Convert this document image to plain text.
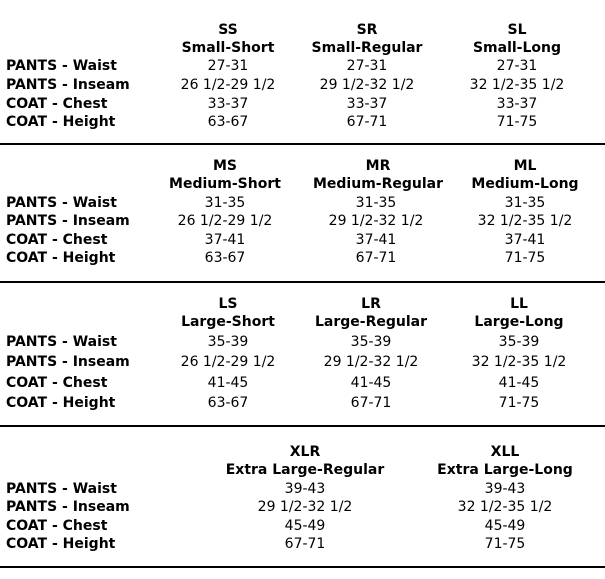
SS
Small-Short
SR
Small-Regular
SL
Small-Long
PANTS - Waist
PANTS - Inseam
COAT - Chest
COAT - Height
27-31
26 1/2-29 1/2
33-37
63-67
27-31
29 1/2-32 1/2
33-37
67-71
27-31
32 1/2-35 1/2
33-37
71-75
MS
Medium-Short
MR
Medium-Regular
ML
Medium-Long
PANTS - Waist
PANTS - Inseam
COAT - Chest
COAT - Height
31-35
26 1/2-29 1/2
37-41
63-67
31-35
29 1/2-32 1/2
37-41
67-71
31-35
32 1/2-35 1/2
37-41
71-75
LS
Large-Short
LR
Large-Regular
LL
Large-Long
PANTS - Waist
PANTS - Inseam
COAT - Chest
COAT - Height
35-39
26 1/2-29 1/2
41-45
63-67
35-39
29 1/2-32 1/2
41-45
67-71
35-39
32 1/2-35 1/2
41-45
71-75
XLR
Extra Large-Regular
XLL
Extra Large-Long
PANTS - Waist
PANTS - Inseam
COAT - Chest
COAT - Height
39-43
29 1/2-32 1/2
45-49
67-71
39-43
32 1/2-35 1/2
45-49
71-75
